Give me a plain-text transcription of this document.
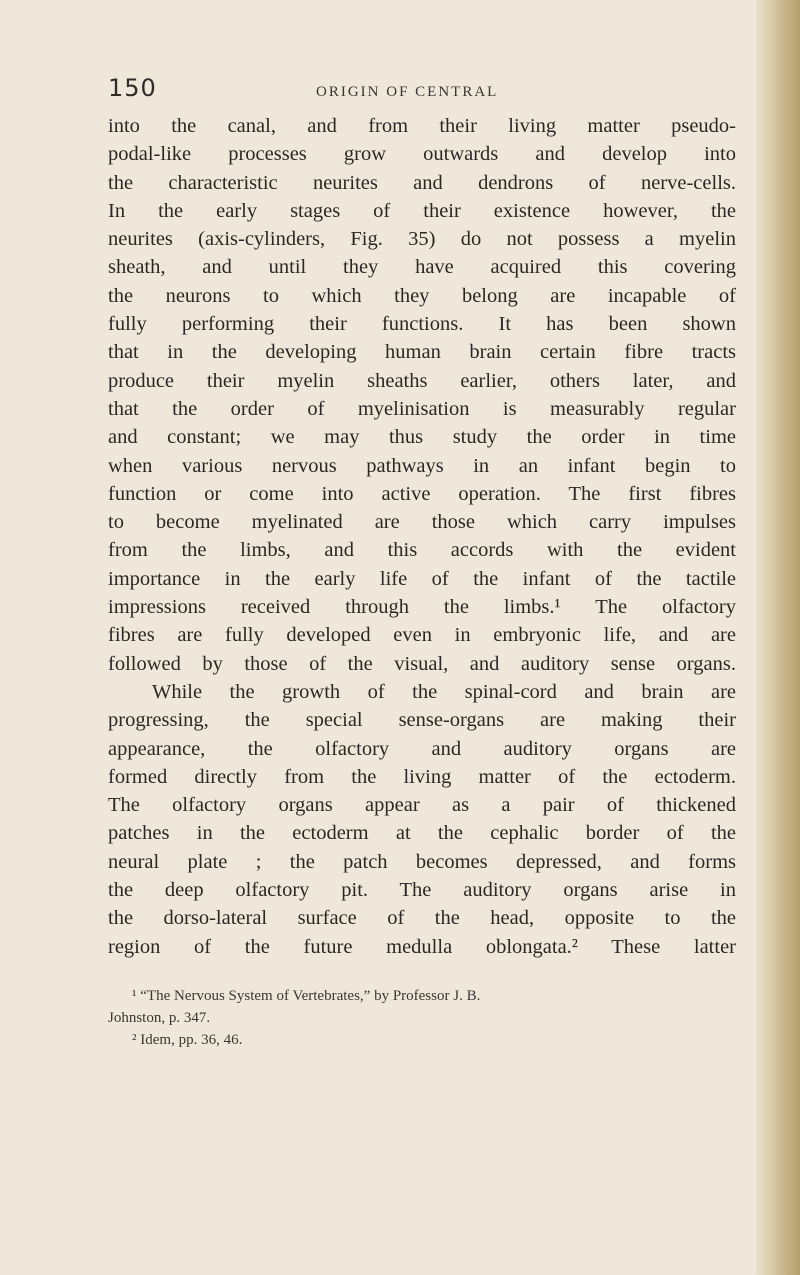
150	ORIGIN OF CENTRAL
into the canal, and from their living matter pseudo-
podal-like processes grow outwards and develop into
the characteristic neurites and dendrons of nerve-cells.
In the early stages of their existence however, the
neurites (axis-cylinders, Fig. 35) do not possess a myelin
sheath, and until they have acquired this covering
the neurons to which they belong are incapable of
fully performing their functions. It has been shown
that in the developing human brain certain fibre tracts
produce their myelin sheaths earlier, others later, and
that the order of myelinisation is measurably regular
and constant; we may thus study the order in time
when various nervous pathways in an infant begin to
function or come into active operation. The first fibres
to become myelinated are those which carry impulses
from the limbs, and this accords with the evident
importance in the early life of the infant of the tactile
impressions received through the limbs.¹ The olfactory
fibres are fully developed even in embryonic life, and are
followed by those of the visual, and auditory sense organs.
While the growth of the spinal-cord and brain are
progressing, the special sense-organs are making their
appearance, the olfactory and auditory organs are
formed directly from the living matter of the ectoderm.
The olfactory organs appear as a pair of thickened
patches in the ectoderm at the cephalic border of the
neural plate ; the patch becomes depressed, and forms
the deep olfactory pit. The auditory organs arise in
the dorso-lateral surface of the head, opposite to the
region of the future medulla oblongata.² These latter
¹ “The Nervous System of Vertebrates,” by Professor J. B.
Johnston, p. 347.
² Idem, pp. 36, 46.
